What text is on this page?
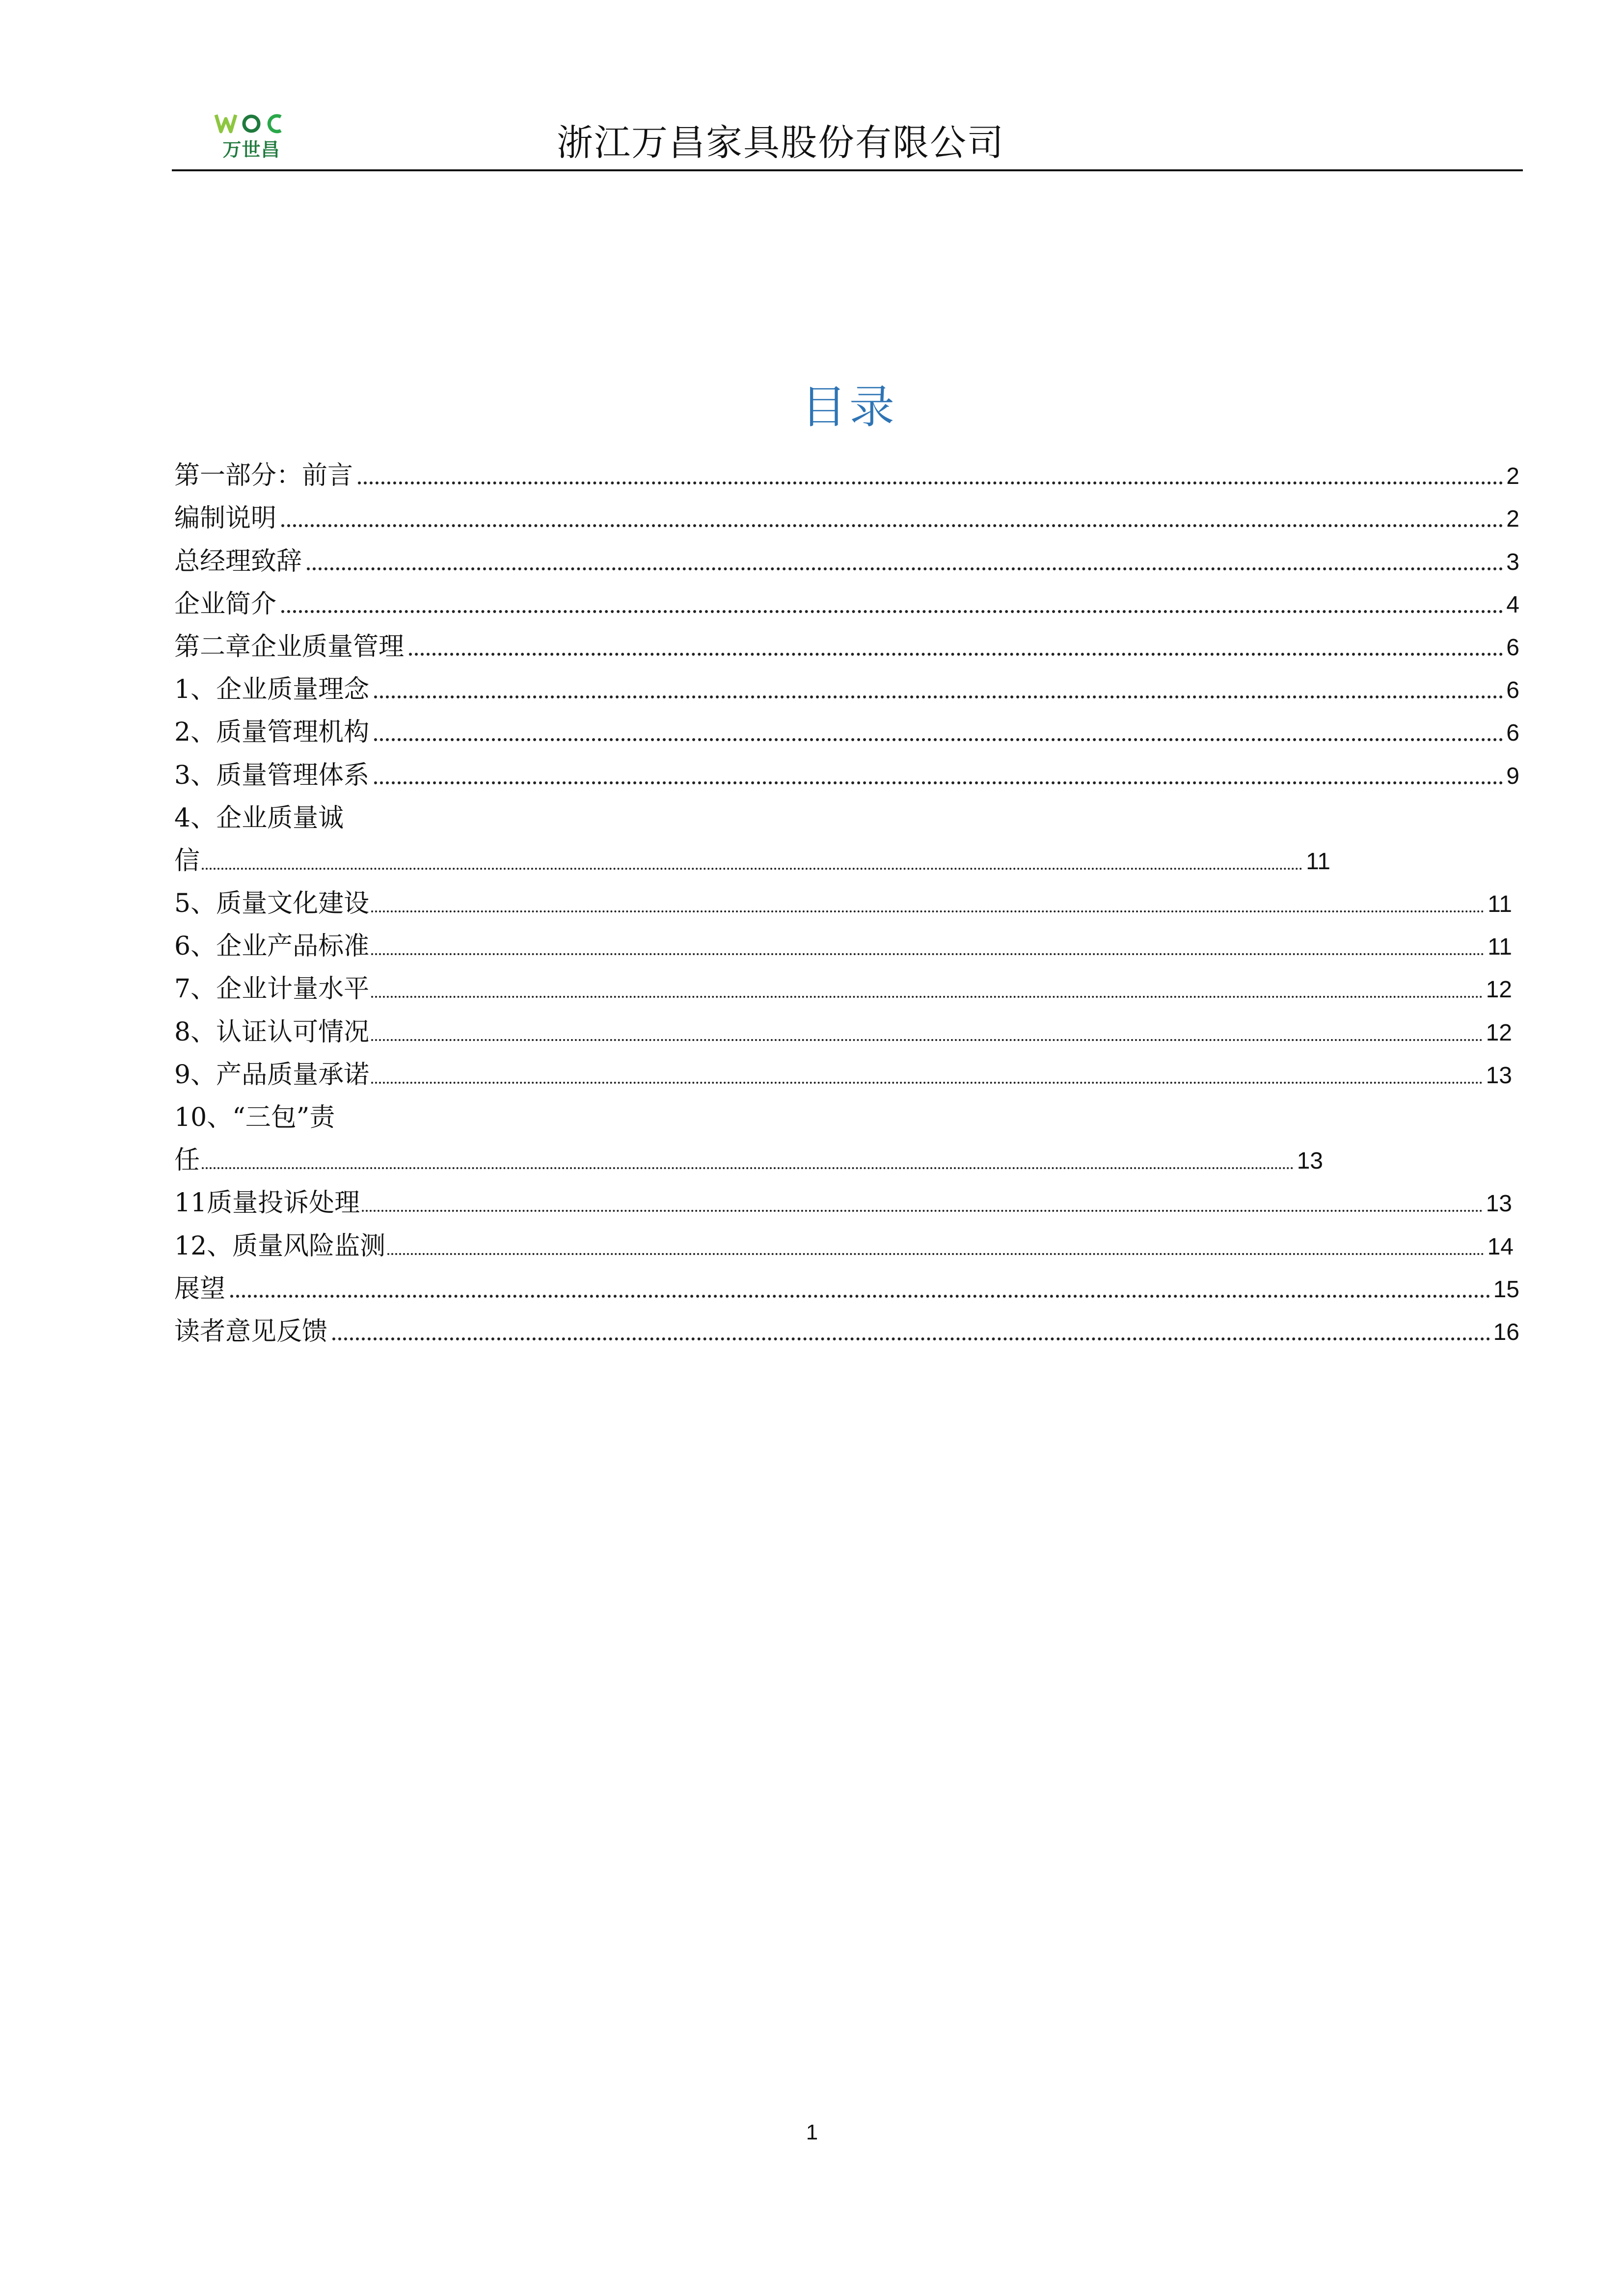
万世昌	浙江万昌家具股份有限公司
目录
第一部分：前言	2
编制说明	2
总经理致辞	3
企业简介	4
第二章企业质量管理	6
1、企业质量理念	6
2、质量管理机构	6
3、质量管理体系	9
4、企业质量诚
信	11
5、质量文化建设	11
6、企业产品标准	11
7、企业计量水平	12
8、认证认可情况	12
9、产品质量承诺	13
10、“三包”责
任	13
11质量投诉处理	13
12、质量风险监测	14
展望	15
读者意见反馈	16
1
